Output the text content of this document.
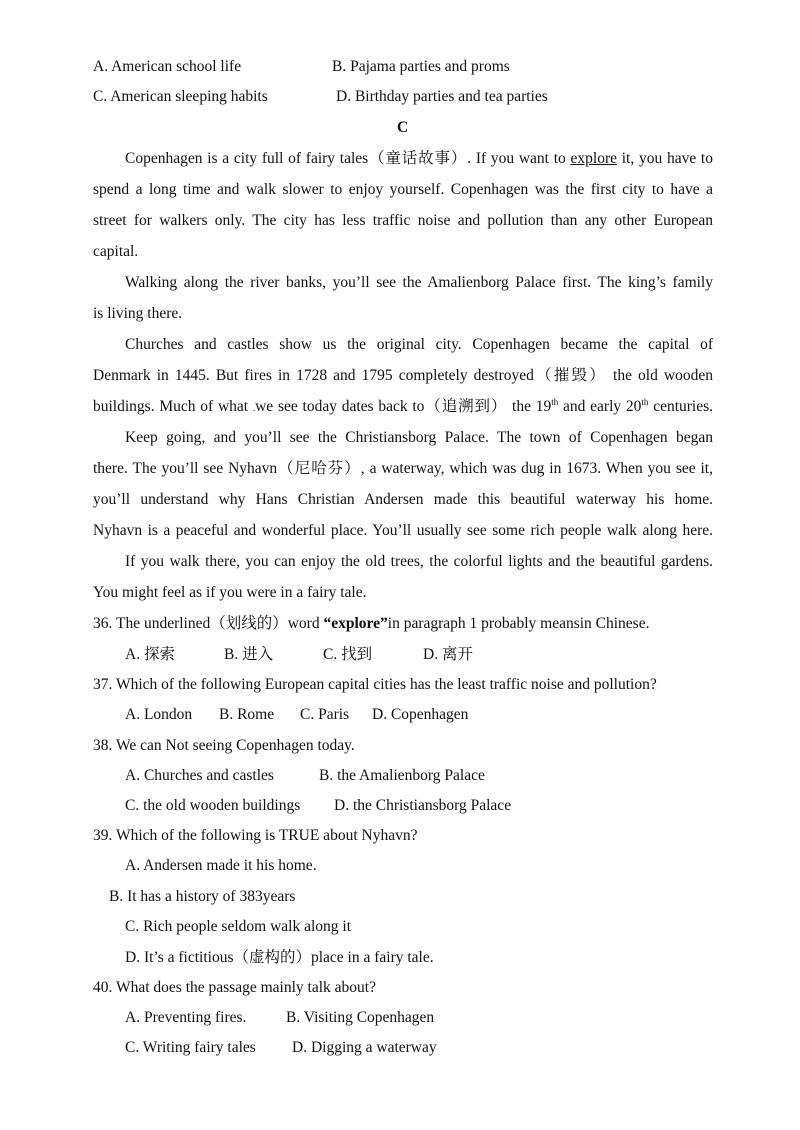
A. American school life	B. Pajama parties and proms
C. American sleeping habits	D. Birthday parties and tea parties
C
Copenhagen is a city full of fairy tales（童话故事）. If you want to explore it, you have to
spend a long time and walk slower to enjoy yourself. Copenhagen was the first city to have a
street for walkers only. The city has less traffic noise and pollution than any other European
capital.
Walking along the river banks, you’ll see the Amalienborg Palace first. The king’s family
is living there.
Churches and castles show us the original city. Copenhagen became the capital of
Denmark in 1445. But fires in 1728 and 1795 completely destroyed（摧毁） the old wooden
buildings. Much of what .we see today dates back to（追溯到） the 19th and early 20th centuries.
Keep going, and you’ll see the Christiansborg Palace. The town of Copenhagen began
there. The you’ll see Nyhavn（尼哈芬）, a waterway, which was dug in 1673. When you see it,
you’ll understand why Hans Christian Andersen made this beautiful waterway his home.
Nyhavn is a peaceful and wonderful place. You’ll usually see some rich people walk along here.
If you walk there, you can enjoy the old trees, the colorful lights and the beautiful gardens.
You might feel as if you were in a fairy tale.
36. The underlined（划线的）word “explore”in paragraph 1 probably meansin Chinese.
A. 探索	B. 进入	C. 找到	D. 离开
37. Which of the following European capital cities has the least traffic noise and pollution?
A. London B. Rome C. Paris D. Copenhagen
38. We can Not seeing Copenhagen today.
A. Churches and castles	B. the Amalienborg Palace
C. the old wooden buildings D. the Christiansborg Palace
39. Which of the following is TRUE about Nyhavn?
A. Andersen made it his home.
B. It has a history of 383years
C. Rich people seldom walk along it
D. It’s a fictitious（虚构的）place in a fairy tale.
40. What does the passage mainly talk about?
A. Preventing fires.	B. Visiting Copenhagen
C. Writing fairy tales D. Digging a waterway
